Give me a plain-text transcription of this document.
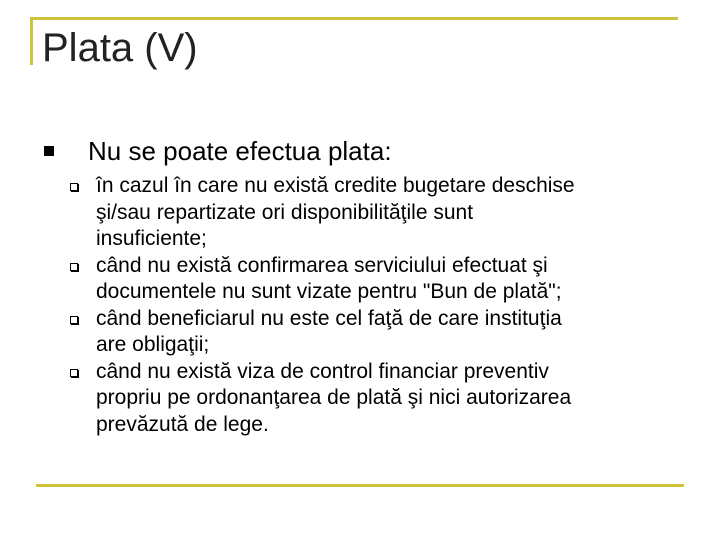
Plata (V)
Nu se poate efectua plata:
în cazul în care nu există credite bugetare deschise
şi/sau repartizate ori disponibilităţile sunt
insuficiente;
când nu există confirmarea serviciului efectuat şi
documentele nu sunt vizate pentru "Bun de plată";
când beneficiarul nu este cel faţă de care instituţia
are obligaţii;
când nu există viza de control financiar preventiv
propriu pe ordonanţarea de plată şi nici autorizarea
prevăzută de lege.
